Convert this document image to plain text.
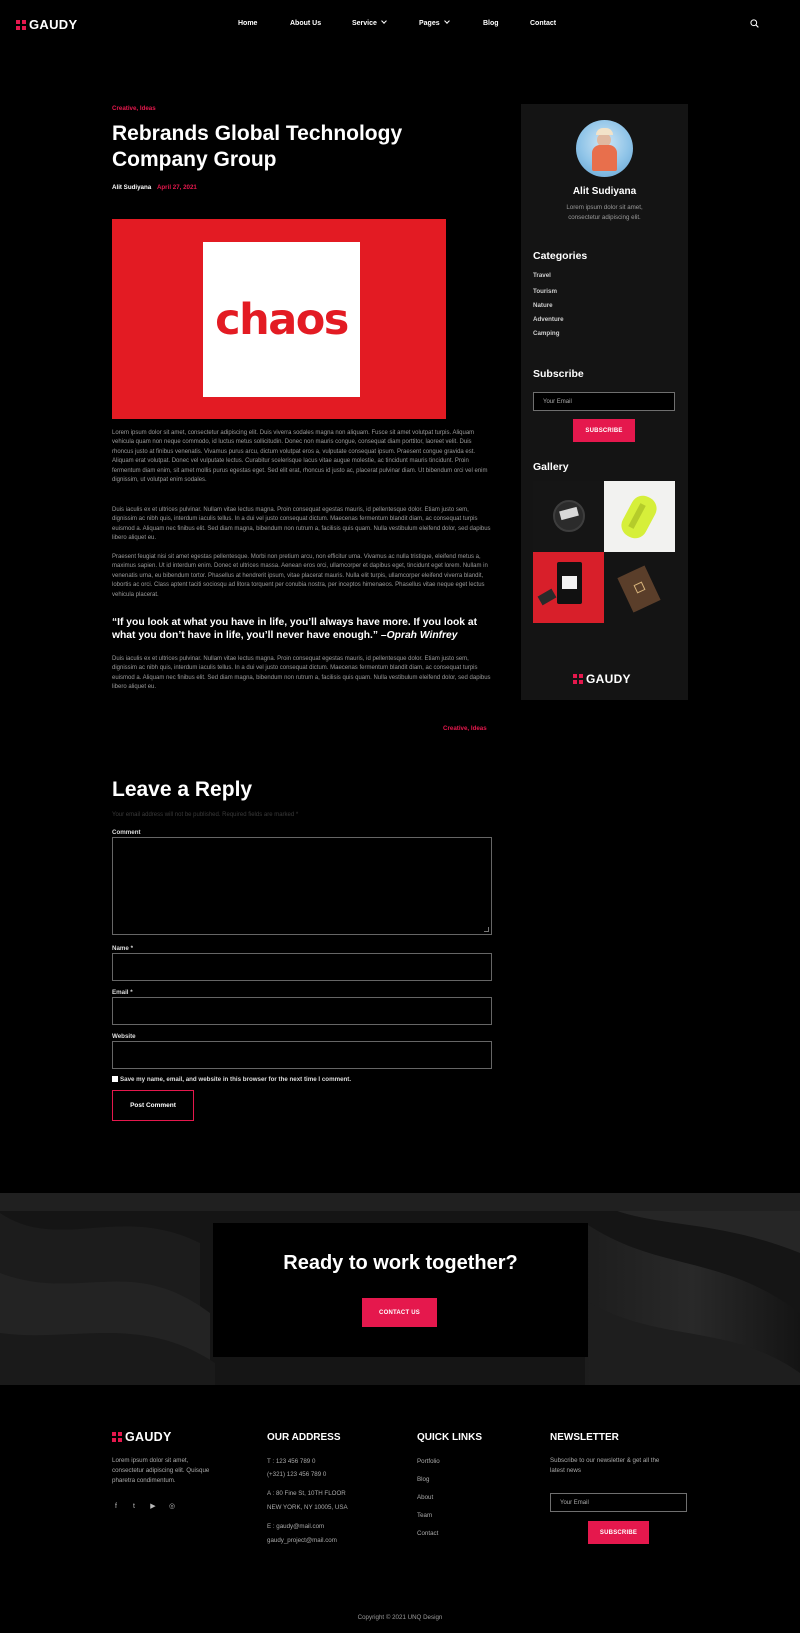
GAUDY	Home	About Us	Service	Pages	Blog	Contact
Creative, Ideas
Rebrands Global Technology
Company Group
Alit Sudiyana April 27, 2021
chaos

Lorem ipsum dolor sit amet, consectetur adipiscing elit. Duis viverra sodales magna non aliquam. Fusce sit amet volutpat turpis. Aliquam vehicula quam non neque commodo, id luctus metus sollicitudin. Donec non mauris congue, consequat diam porttitor, laoreet velit. Duis rhoncus justo at finibus venenatis. Vivamus purus arcu, dictum volutpat eros a, vulputate consequat ipsum. Praesent congue gravida est. Aliquam erat volutpat. Donec vel vulputate lectus. Curabitur scelerisque lacus vitae augue molestie, ac tincidunt mauris tincidunt. Proin fermentum diam enim, sit amet mollis purus egestas eget. Sed elit erat, rhoncus id justo ac, placerat pulvinar diam. Ut bibendum orci vel enim dignissim, ut volutpat enim sodales.

Duis iaculis ex et ultrices pulvinar. Nullam vitae lectus magna. Proin consequat egestas mauris, id pellentesque dolor. Etiam justo sem, dignissim ac nibh quis, interdum iaculis tellus. In a dui vel justo consequat dictum. Maecenas fermentum blandit diam, ac consequat turpis euismod a. Aliquam nec finibus elit. Sed diam magna, bibendum non rutrum a, facilisis quis quam. Nulla vestibulum eleifend dolor, sed dapibus libero aliquet eu.

Praesent feugiat nisi sit amet egestas pellentesque. Morbi non pretium arcu, non efficitur urna. Vivamus ac nulla tristique, eleifend metus a, maximus sapien. Ut id interdum enim. Donec et ultrices massa. Aenean eros orci, ullamcorper et dapibus eget, tincidunt eget lorem. Nullam in venenatis urna, eu bibendum tortor. Phasellus at hendrerit ipsum, vitae placerat mauris. Nulla elit turpis, ullamcorper eleifend viverra blandit, lobortis ac orci. Class aptent taciti sociosqu ad litora torquent per conubia nostra, per inceptos himenaeos. Phasellus vitae neque eget lectus vehicula placerat.

“If you look at what you have in life, you’ll always have more. If you look at
what you don’t have in life, you’ll never have enough.” –Oprah Winfrey

Duis iaculis ex et ultrices pulvinar. Nullam vitae lectus magna. Proin consequat egestas mauris, id pellentesque dolor. Etiam justo sem, dignissim ac nibh quis, interdum iaculis tellus. In a dui vel justo consequat dictum. Maecenas fermentum blandit diam, ac consequat turpis euismod a. Aliquam nec finibus elit. Sed diam magna, bibendum non rutrum a, facilisis quis quam. Nulla vestibulum eleifend dolor, sed dapibus libero aliquet eu.

Creative, Ideas
Alit Sudiyana
Lorem ipsum dolor sit amet,
consectetur adipiscing elit.
Categories
Travel
Tourism
Nature
Adventure
Camping
Subscribe
Your Email
SUBSCRIBE
Gallery
GAUDY
Leave a Reply
Your email address will not be published. Required fields are marked *
Comment
Name *
Email *
Website
Save my name, email, and website in this browser for the next time I comment.
Post Comment
Ready to work together?
CONTACT US
GAUDY
Lorem ipsum dolor sit amet,
consectetur adipiscing elit. Quisque
pharetra condimentum.
f	t	▶ ◎
OUR ADDRESS
T : 123 456 789 0
(+321) 123 456 789 0
A : 80 Fine St, 10TH FLOOR
NEW YORK, NY 10005, USA
E : gaudy@mail.com
gaudy_project@mail.com
QUICK LINKS
Portfolio
Blog
About
Team
Contact
NEWSLETTER
Subscribe to our newsletter & get all the
latest news
Your Email
SUBSCRIBE
Copyright © 2021 UNQ Design
